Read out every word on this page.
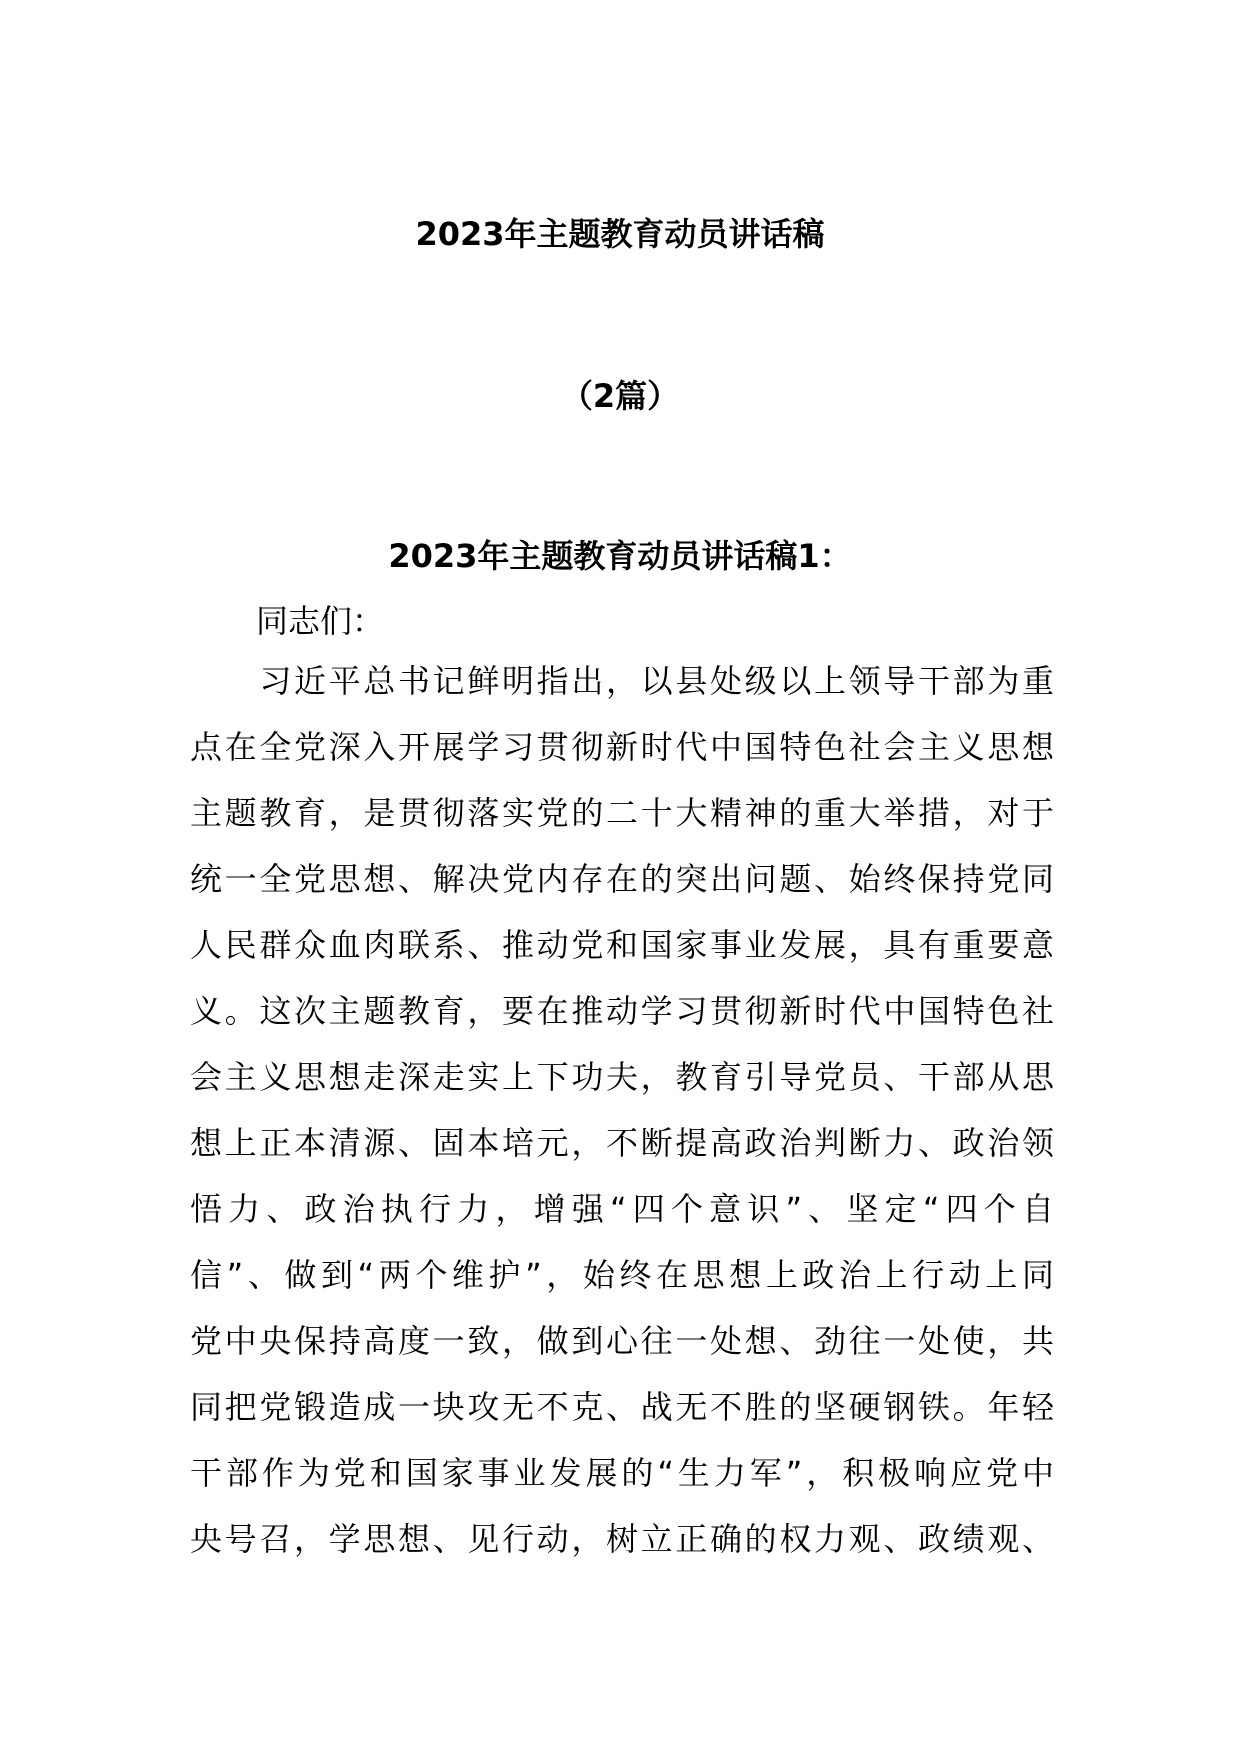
2023年主题教育动员讲话稿
（2篇）
2023年主题教育动员讲话稿1：

同志们：

　　习近平总书记鲜明指出，以县处级以上领导干部为重
点在全党深入开展学习贯彻新时代中国特色社会主义思想
主题教育，是贯彻落实党的二十大精神的重大举措，对于
统一全党思想、解决党内存在的突出问题、始终保持党同
人民群众血肉联系、推动党和国家事业发展，具有重要意
义。这次主题教育，要在推动学习贯彻新时代中国特色社
会主义思想走深走实上下功夫，教育引导党员、干部从思
想上正本清源、固本培元，不断提高政治判断力、政治领
悟力、政治执行力，增强“四个意识”、坚定“四个自
信”、做到“两个维护”，始终在思想上政治上行动上同
党中央保持高度一致，做到心往一处想、劲往一处使，共
同把党锻造成一块攻无不克、战无不胜的坚硬钢铁。年轻
干部作为党和国家事业发展的“生力军”，积极响应党中
央号召，学思想、见行动，树立正确的权力观、政绩观、
